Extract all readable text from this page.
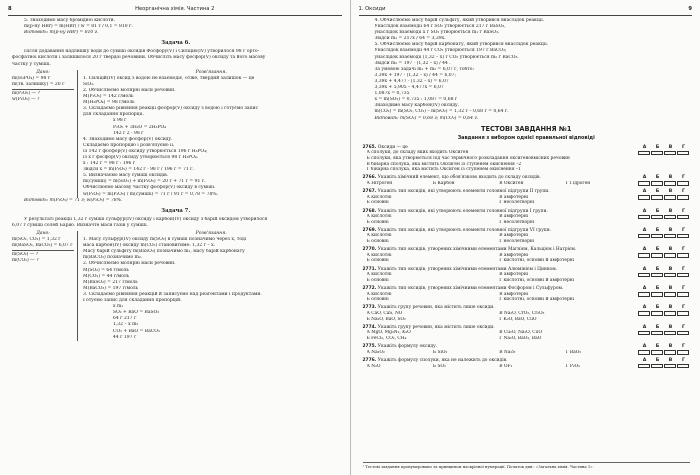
8	Неорганічна хімія. Частина 2
5. Знаходимо масу бромідної кислоти.
m(р-ну HBr) = m(HBr) / w = 81 г / 0,1 = 810 г.
Відповідь: m(р-ну HBr) = 810 г.
Задача 6.
Після додавання надлишку води до суміші оксидів Фосфору(V) і Силіцію(IV) утворилося 98 г орто-
фосфатної кислоти і залишилося 20 г твердої речовини. Обчисліть масу фосфор(V) оксиду та його масову
частку у суміші.
Дано:
m(H₃PO₄) = 98 г
m(тв. залишку) = 20 г
m(P₂O₅) — ?
w(P₂O₅) — ?
Розв'язання.
1. Силіцій(IV) оксид з водою не взаємодіє, отже, твердий залишок — це
SiO₂.
2. Обчислюємо молярні маси речовин.
M(P₂O₅) = 142 г/моль
M(H₃PO₄) = 98 г/моль
3. Складаємо рівняння реакції фосфор(V) оксиду з водою і готуємо запис
для складання пропорції.
x 98 г
P₂O₅ + 3H₂O = 2H₃PO₄
142 г 2 · 98 г
4. Знаходимо масу фосфор(V) оксиду.
Складаємо пропорцію і розв'язуємо її.
Із 142 г фосфор(V) оксиду утворюється 196 г H₃PO₄;
із x г фосфор(V) оксиду утворюється 98 г H₃PO₄.
x : 142 г = 98 г : 196 г
Звідси x = m(P₂O₅) = 142 г · 98 г / 196 г = 71 г.
5. Визначаємо масу суміші оксидів.
m(суміші) = m(SiO₂) + m(P₂O₅) = 20 г + 71 г = 91 г.
Обчислюємо масову частку фосфор(V) оксиду в суміші.
w(P₂O₅) = m(P₂O₅) / m(суміші) = 71 г / 91 г = 0,78 = 78%.
Відповідь: m(P₂O₅) = 71 г; w(P₂O₅) = 78%.
Задача 7.
У результаті реакції 1,32 г суміші сульфур(IV) оксиду і карбон(IV) оксиду з барій оксидом утворилося
6,07 г суміші солей Барію. Визначте маси газів у суміші.
Дано:
m(SO₂, CO₂) = 1,32 г
m(BaSO₃, BaCO₃) = 6,07 г
m(SO₂) — ?
m(CO₂) — ?
Розв'язання.
1. Масу сульфур(IV) оксиду m(SO₂) в суміші позначимо через x, тоді
маса карбон(IV) оксиду m(CO₂) становитиме: 1,32 г – x.
Масу барій сульфіту m(BaSO₃) позначимо m₁, масу барій карбонату
m(BaCO₃) позначимо m₂.
2. Обчислюємо молярні маси речовин.
M(SO₂) = 64 г/моль
M(CO₂) = 44 г/моль
M(BaSO₃) = 217 г/моль
M(BaCO₃) = 197 г/моль
3. Складаємо рівняння реакцій й записуємо над реагентами і продуктами.
Готуємо запис для складання пропорцій.
x m₁
SO₂ + BaO = BaSO₃
64 г 217 г
1,32 – x m₂
CO₂ + BaO = BaCO₃
44 г 197 г
1. Оксиди	9
4. Обчислюємо масу барій сульфіту, який утворився внаслідок реакції.
Унаслідок взаємодії 64 г SO₂ утворюється 217 г BaSO₃,
унаслідок взаємодії x г SO₂ утворюється m₁ г BaSO₃.
Звідси m₁ = 217x / 64 = 3,39x.
5. Обчислюємо масу барій карбонату, який утворився внаслідок реакції.
Унаслідок взаємодії 44 г CO₂ утворюється 197 г BaCO₃;
унаслідок взаємодії (1,32 – x) г CO₂ утворюється m₂ г BaCO₃.
Звідси m₂ = 197 · (1,32 – x) / 44 .
За умовою задачі m₁ + m₂ = 6,07 г, тобто:
3,39x + 197 · (1,32 – x) / 44 = 6,07;
3,39x + 4,477 · (1,32 – x) = 6,07
3,39x + 5,905 – 4,477x = 6,07
1,087x = 0,735
x = m(SO₂) = 0,735 : 1,087 = 0,68 г
Знаходимо масу карбон(IV) оксиду.
m(CO₂) = m(SO₂, CO₂) – m(SO₂) = 1,32 г – 0,68 г = 0,64 г.
Відповідь: m(SO₂) = 0,68 г; m(CO₂) = 0,64 г.
ТЕСТОВІ ЗАВДАННЯ №1
Завдання з вибором однієї правильної відповіді
2765. Оксиди — це
А сполуки, до складу яких входить Оксиген
Б сполуки, яка утворюється під час термічного розкладання оксигеновмісних речовин
В бінарна сполука, яка містить Оксиген із ступенем окиснення –2
Г бінарна сполука, яка містить Оксиген із ступенем окиснення –1
А	Б	В	Г
2766. Укажіть хімічний елемент, що обов'язково входить до складу оксидів.
А Нітроген	Б Карбон	В Оксиген	Г Гідроген
А	Б	В	Г
2767. Укажіть тип оксидів, які утворюють елементи головної підгрупи II групи.
А кислотні	В амфотерні
Б основні	Г несолетворні
А	Б	В	Г
2768. Укажіть тип оксидів, які утворюють елементи головної підгрупи I групи.
А кислотні	В амфотерні
Б основні	Г несолетворні
А	Б	В	Г
2769. Укажіть тип оксидів, які утворюють елементи головної підгрупи VI групи.
А кислотні	В амфотерні
Б основні	Г несолетворні
А	Б	В	Г
2770. Укажіть тип оксидів, утворених хімічними елементами Магнієм, Кальцієм і Натрієм.
А кислотні	В амфотерні
Б основні	Г кислотні, основні й амфотерні
А	Б	В	Г
2771. Укажіть тип оксидів, утворених хімічними елементами Алюмінієм і Цинком.
А кислотні	В амфотерні
Б основні	Г кислотні, основні й амфотерні
А	Б	В	Г
2772. Укажіть тип оксидів, утворених хімічними елементами Фосфором і Сульфуром.
А кислотні	В амфотерні
Б основні	Г кислотні, основні й амфотерні
А	Б	В	Г
2773. Укажіть групу речовин, яка містить лише оксиди.
А CaO, CaS, NO	В Na₂O, CrO₃, Cr₂O₃
Б Na₂O, BaO, SO₂	Г K₂O, BaO, CuO
А	Б	В	Г
2774. Укажіть групу речовин, яка містить лише оксиди.
А MgO, Mg₃N₂, K₂O	В Cu₂O, Na₂O, CuO
Б FeCl₂, CO₂, CH₄	Г Na₂O, BaO₂, BaO
А	Б	В	Г
2775. Укажіть формулу оксиду.
А Na₂O₂	Б SiO₂	В Na₂S	Г BaO₂
А	Б	В	Г
2776. Укажіть формулу сполуки, яка не належить до оксидів.
А N₂O	Б SO₂	В OF₂	Г P₂O₅
А	Б	В	Г
¹ Тестові завдання пронумеровано за принципом наскрізної нумерації. Початок див.: «Загальна хімія. Частина 1».
